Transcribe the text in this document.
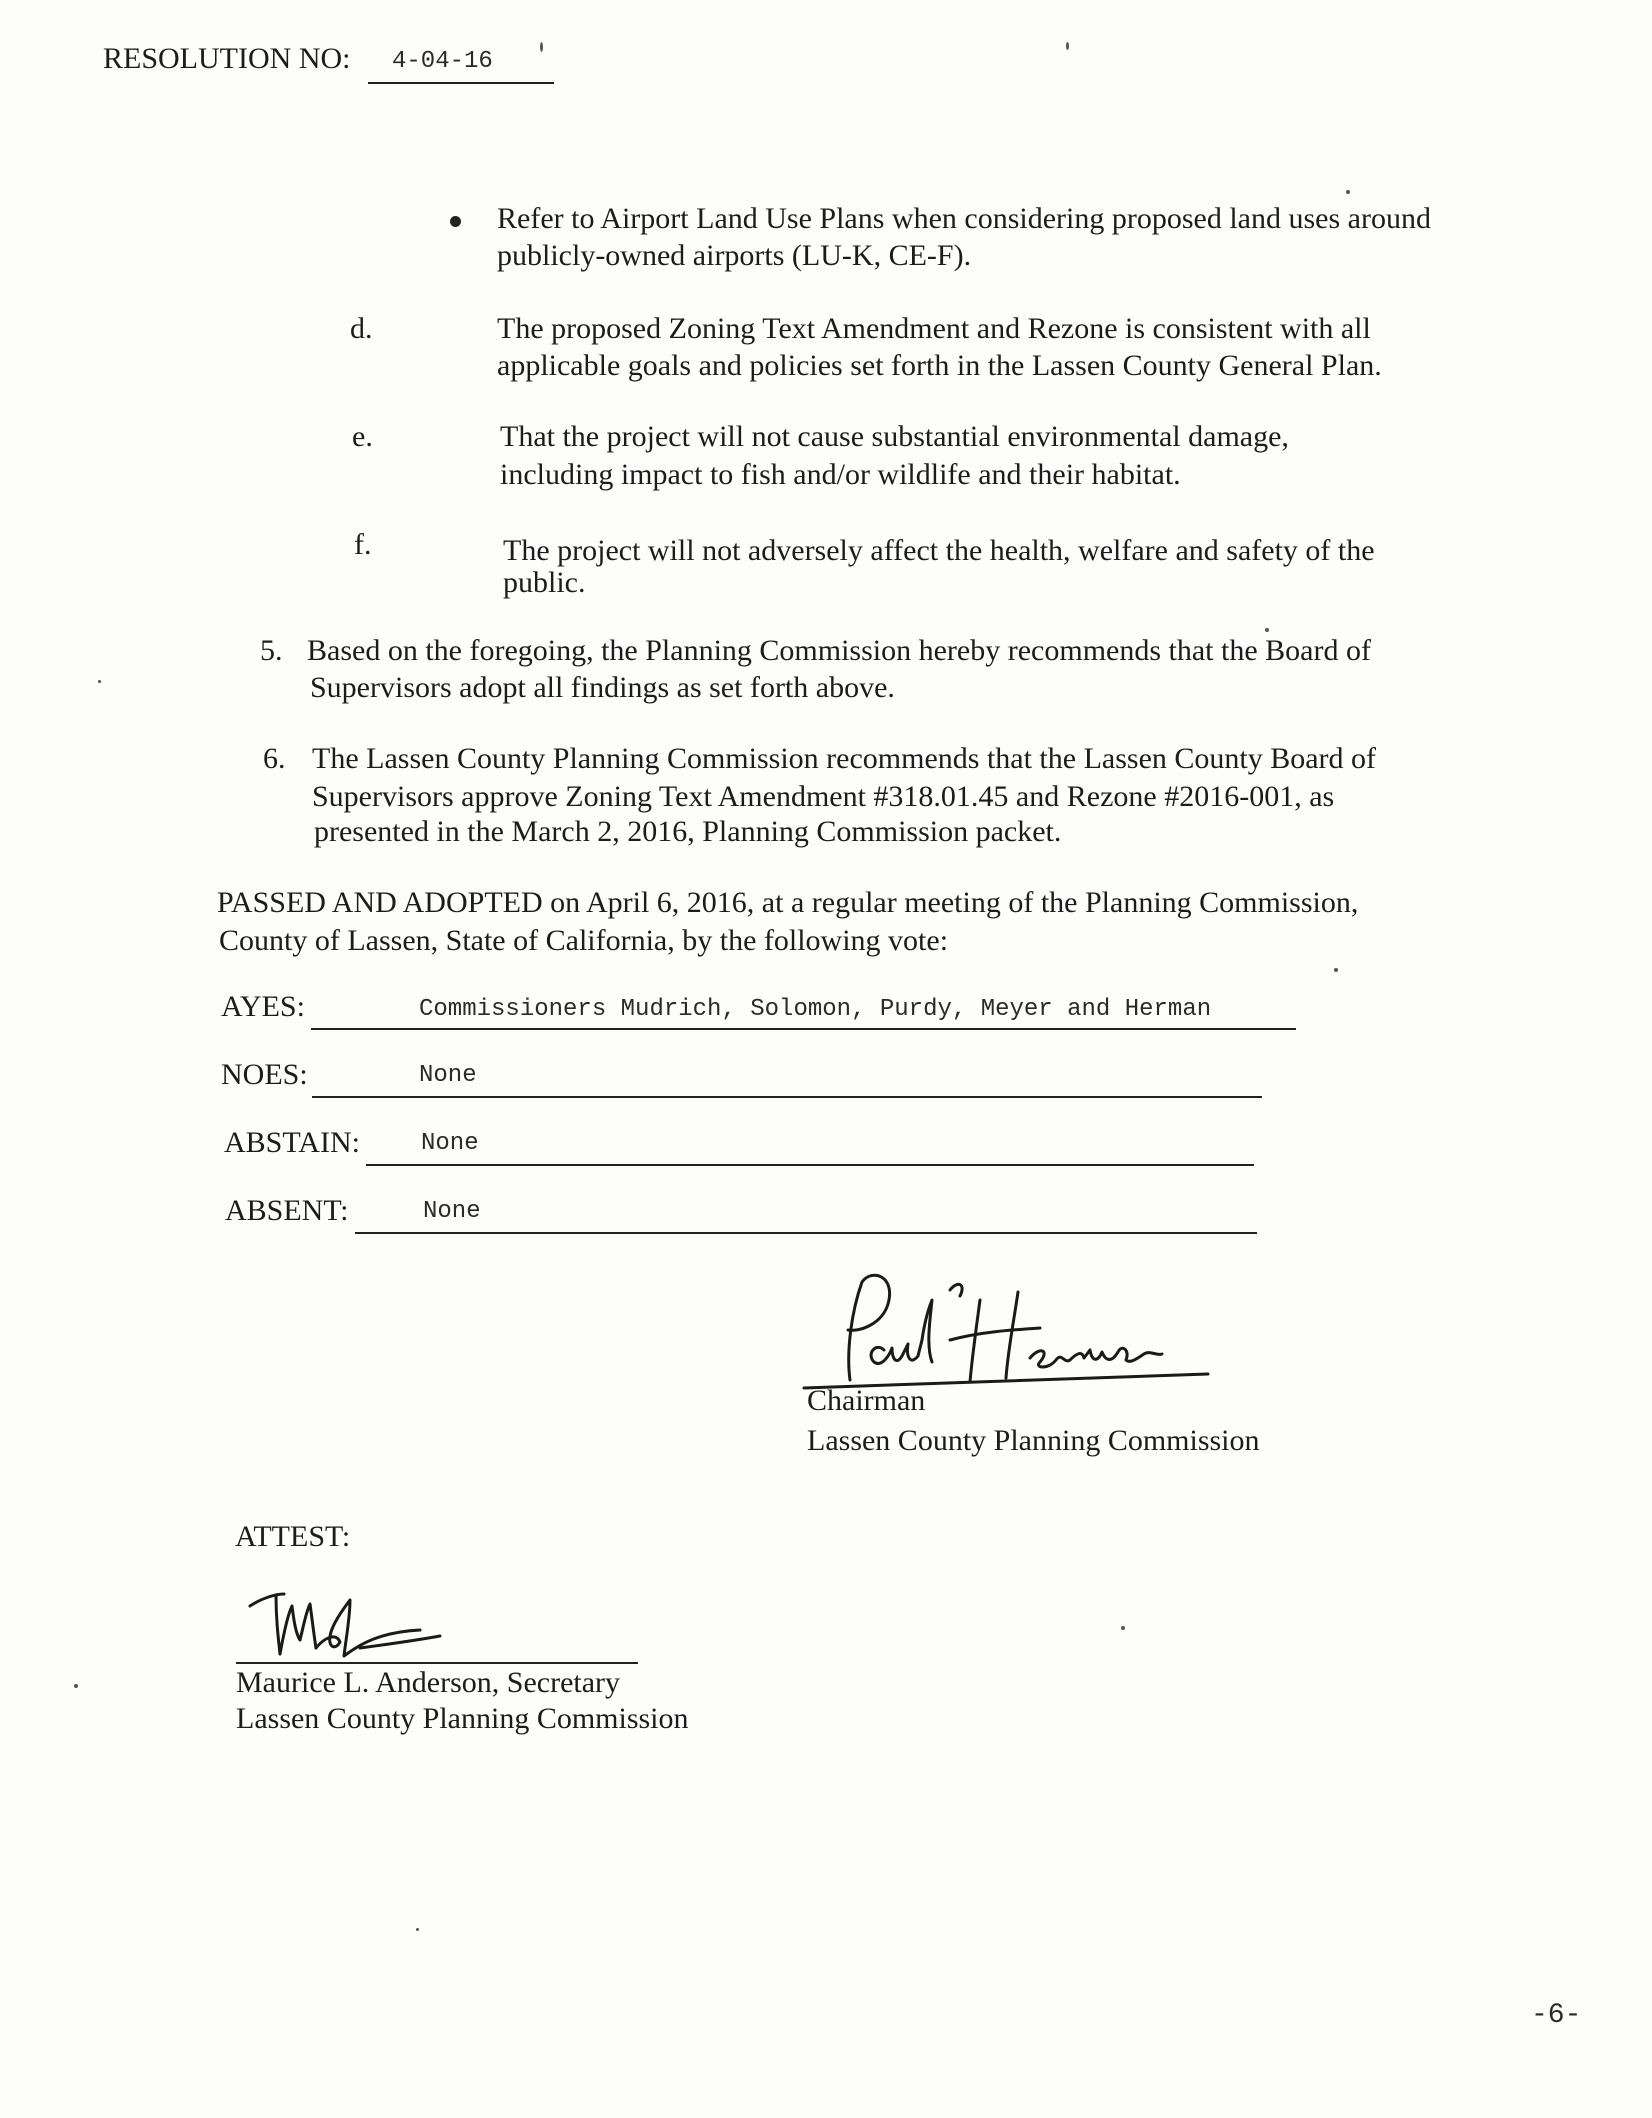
RESOLUTION NO: 4-04-16
Refer to Airport Land Use Plans when considering proposed land uses around
publicly-owned airports (LU-K, CE-F).
d.	The proposed Zoning Text Amendment and Rezone is consistent with all
applicable goals and policies set forth in the Lassen County General Plan.
e.	That the project will not cause substantial environmental damage,
including impact to fish and/or wildlife and their habitat.
f.	The project will not adversely affect the health, welfare and safety of the
public.
5. Based on the foregoing, the Planning Commission hereby recommends that the Board of
Supervisors adopt all findings as set forth above.
6. The Lassen County Planning Commission recommends that the Lassen County Board of
Supervisors approve Zoning Text Amendment #318.01.45 and Rezone #2016-001, as
presented in the March 2, 2016, Planning Commission packet.
PASSED AND ADOPTED on April 6, 2016, at a regular meeting of the Planning Commission,
County of Lassen, State of California, by the following vote:
AYES:	Commissioners Mudrich, Solomon, Purdy, Meyer and Herman
NOES:	None
ABSTAIN:	None
ABSENT:	None
Chairman
Lassen County Planning Commission
ATTEST:
Maurice L. Anderson, Secretary
Lassen County Planning Commission
-6-
